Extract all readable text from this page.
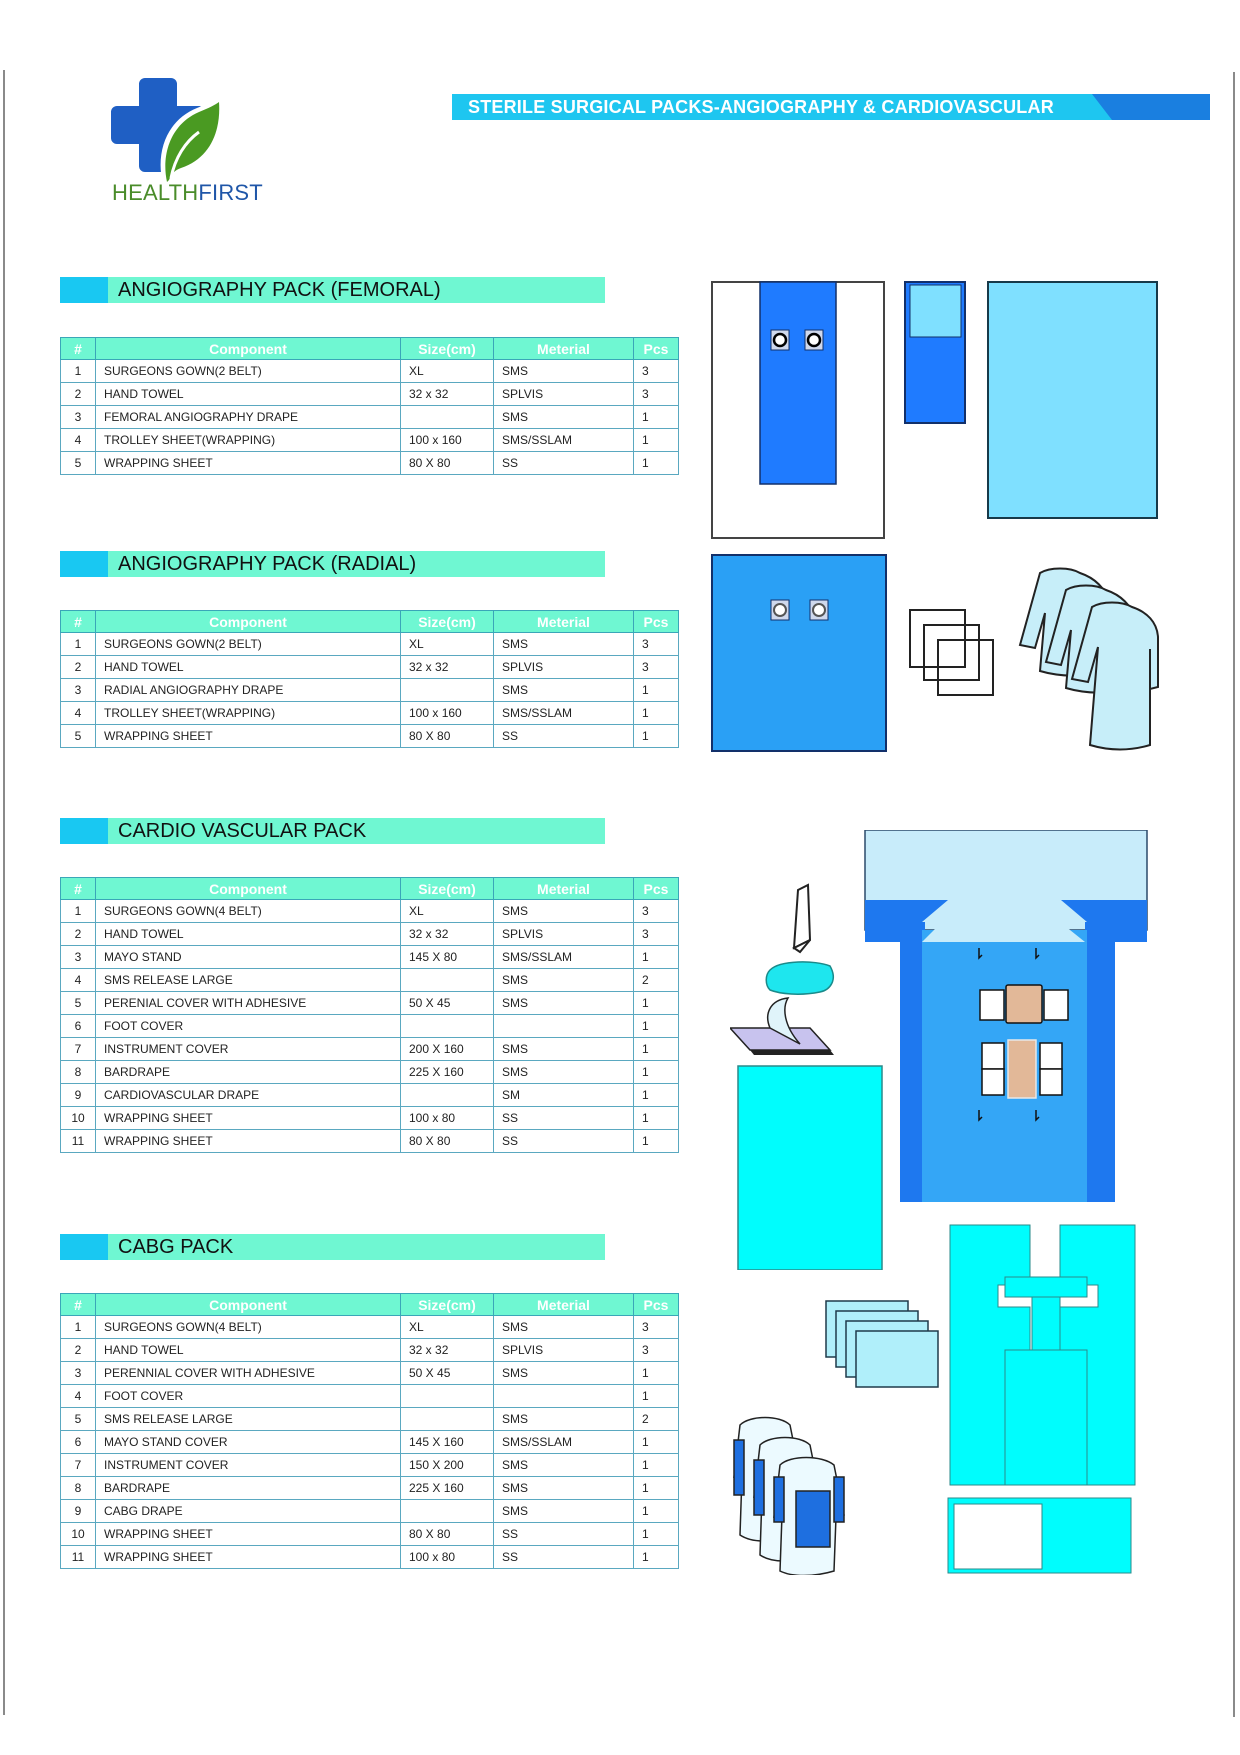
HEALTHFIRST
STERILE SURGICAL PACKS-ANGIOGRAPHY & CARDIOVASCULAR
ANGIOGRAPHY PACK (FEMORAL)
#	Component	Size(cm)	Meterial	Pcs
1	SURGEONS GOWN(2 BELT)	XL	SMS	3
2	HAND TOWEL	32 x 32	SPLVIS	3
3	FEMORAL ANGIOGRAPHY DRAPE		SMS	1
4	TROLLEY SHEET(WRAPPING)	100 x 160	SMS/SSLAM	1
5	WRAPPING SHEET	80 X 80	SS	1
ANGIOGRAPHY PACK (RADIAL)
#	Component	Size(cm)	Meterial	Pcs
1	SURGEONS GOWN(2 BELT)	XL	SMS	3
2	HAND TOWEL	32 x 32	SPLVIS	3
3	RADIAL ANGIOGRAPHY DRAPE		SMS	1
4	TROLLEY SHEET(WRAPPING)	100 x 160	SMS/SSLAM	1
5	WRAPPING SHEET	80 X 80	SS	1
CARDIO VASCULAR PACK
#	Component	Size(cm)	Meterial	Pcs
1	SURGEONS GOWN(4 BELT)	XL	SMS	3
2	HAND TOWEL	32 x 32	SPLVIS	3
3	MAYO STAND	145 X 80	SMS/SSLAM	1
4	SMS RELEASE LARGE		SMS	2
5	PERENIAL COVER WITH ADHESIVE	50 X 45	SMS	1
6	FOOT COVER			1
7	INSTRUMENT COVER	200 X 160	SMS	1
8	BARDRAPE	225 X 160	SMS	1
9	CARDIOVASCULAR DRAPE		SM	1
10	WRAPPING SHEET	100 x 80	SS	1
11	WRAPPING SHEET	80 X 80	SS	1
CABG PACK
#	Component	Size(cm)	Meterial	Pcs
1	SURGEONS GOWN(4 BELT)	XL	SMS	3
2	HAND TOWEL	32 x 32	SPLVIS	3
3	PERENNIAL COVER WITH ADHESIVE	50 X 45	SMS	1
4	FOOT COVER			1
5	SMS RELEASE LARGE		SMS	2
6	MAYO STAND COVER	145 X 160	SMS/SSLAM	1
7	INSTRUMENT COVER	150 X 200	SMS	1
8	BARDRAPE	225 X 160	SMS	1
9	CABG DRAPE		SMS	1
10	WRAPPING SHEET	80 X 80	SS	1
11	WRAPPING SHEET	100 x 80	SS	1
